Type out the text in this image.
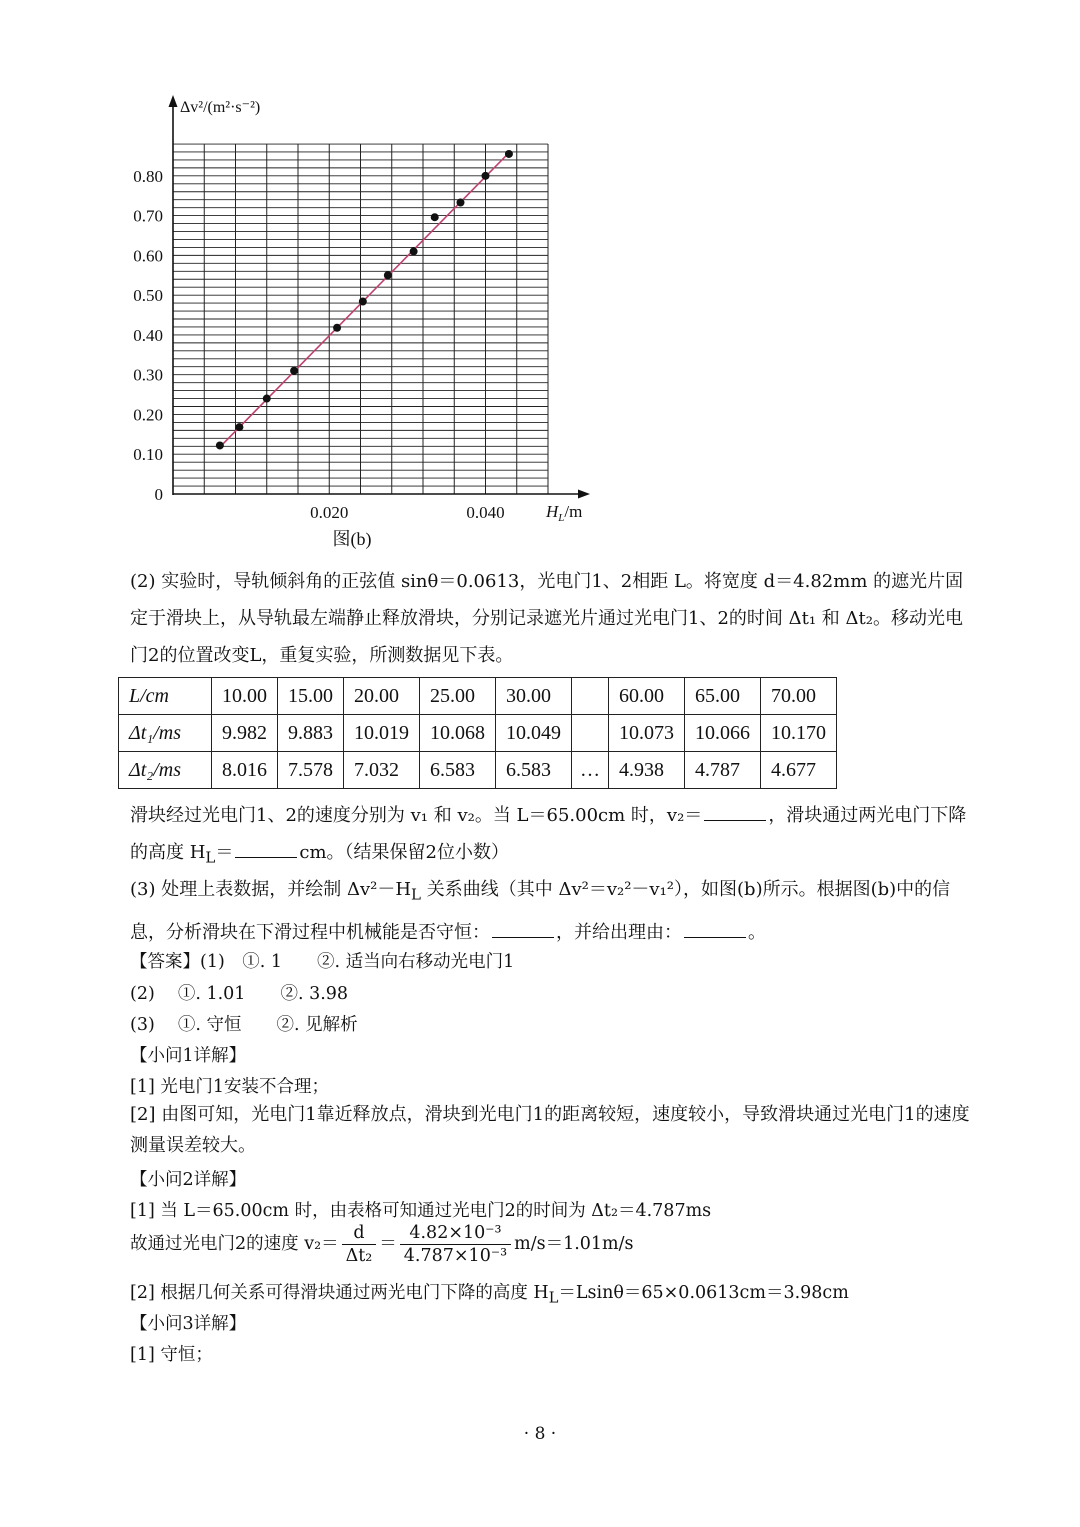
Δv²/(m²·s⁻²)
$H_L/m$
0
0.10
0.20
0.30
0.40
0.50
0.60
0.70
0.80
0.020	0.040
图(b)
(2) 实验时，导轨倾斜角的正弦值 sinθ＝0.0613，光电门1、2相距 L。将宽度 d＝4.82mm 的遮光片固定于滑块上，从导轨最左端静止释放滑块，分别记录遮光片通过光电门1、2的时间 Δt₁ 和 Δt₂。移动光电门2的位置改变L，重复实验，所测数据见下表。
L/cm	10.00	15.00	20.00	25.00	30.00		60.00	65.00	70.00
Δt₁/ms	9.982	9.883	10.019	10.068	10.049		10.073	10.066	10.170
Δt₂/ms	8.016	7.578	7.032	6.583	6.583	…	4.938	4.787	4.677
滑块经过光电门1、2的速度分别为 v₁ 和 v₂。当 L＝65.00cm 时，v₂＝	，滑块通过两光电门下降的高度 $H_L=$	cm。（结果保留2位小数）
(3) 处理上表数据，并绘制 $\Delta v^2-H_L$ 关系曲线（其中 Δv²＝v₂²－v₁²），如图(b)所示。根据图(b)中的信息，分析滑块在下滑过程中机械能是否守恒：	，并给出理由：	。
【答案】(1)　①. 1　　②. 适当向右移动光电门1
(2)　 ①. 1.01　　②. 3.98
(3)　 ①. 守恒　　②. 见解析
【小问1详解】
[1] 光电门1安装不合理；
[2] 由图可知，光电门1靠近释放点，滑块到光电门1的距离较短，速度较小，导致滑块通过光电门1的速度测量误差较大。
【小问2详解】
[1] 当 L＝65.00cm 时，由表格可知通过光电门2的时间为 Δt₂＝4.787ms
故通过光电门2的速度 $v_2= \frac{d}{\text{Δt₂}} = \frac{\text{4.82×10⁻³}}{\text{4.787×10⁻³}} m/s=1.01m/s$
[2] 根据几何关系可得滑块通过两光电门下降的高度 $H_L=Lsin\theta=65\times 0.0613cm=3.98cm$
【小问3详解】
[1] 守恒；
· 8 ·
